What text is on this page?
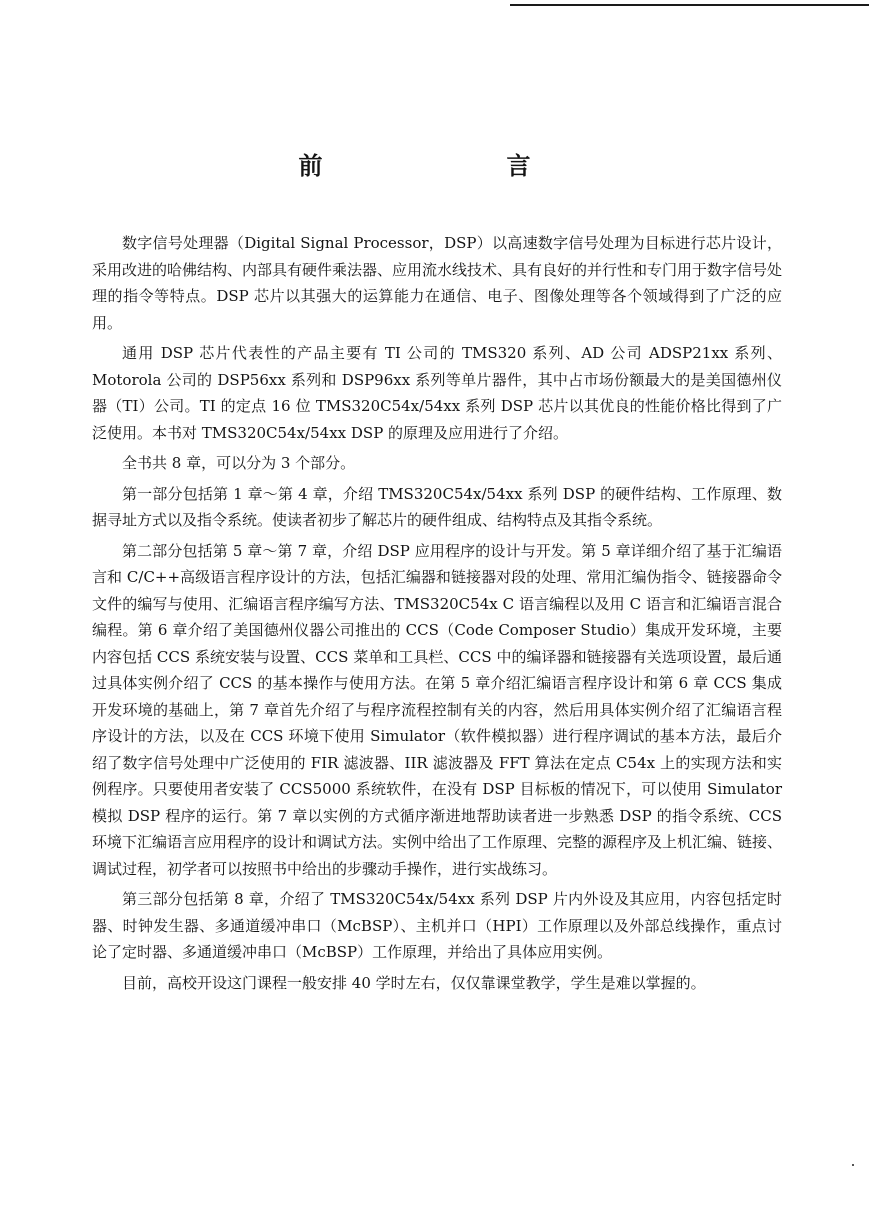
前　言

数字信号处理器（Digital Signal Processor，DSP）以高速数字信号处理为目标进行芯片设计，采用改进的哈佛结构、内部具有硬件乘法器、应用流水线技术、具有良好的并行性和专门用于数字信号处理的指令等特点。DSP 芯片以其强大的运算能力在通信、电子、图像处理等各个领域得到了广泛的应用。

通用 DSP 芯片代表性的产品主要有 TI 公司的 TMS320 系列、AD 公司 ADSP21xx 系列、Motorola 公司的 DSP56xx 系列和 DSP96xx 系列等单片器件，其中占市场份额最大的是美国德州仪器（TI）公司。TI 的定点 16 位 TMS320C54x/54xx 系列 DSP 芯片以其优良的性能价格比得到了广泛使用。本书对 TMS320C54x/54xx DSP 的原理及应用进行了介绍。

全书共 8 章，可以分为 3 个部分。

第一部分包括第 1 章～第 4 章，介绍 TMS320C54x/54xx 系列 DSP 的硬件结构、工作原理、数据寻址方式以及指令系统。使读者初步了解芯片的硬件组成、结构特点及其指令系统。

第二部分包括第 5 章～第 7 章，介绍 DSP 应用程序的设计与开发。第 5 章详细介绍了基于汇编语言和 C/C++高级语言程序设计的方法，包括汇编器和链接器对段的处理、常用汇编伪指令、链接器命令文件的编写与使用、汇编语言程序编写方法、TMS320C54x C 语言编程以及用 C 语言和汇编语言混合编程。第 6 章介绍了美国德州仪器公司推出的 CCS（Code Composer Studio）集成开发环境，主要内容包括 CCS 系统安装与设置、CCS 菜单和工具栏、CCS 中的编译器和链接器有关选项设置，最后通过具体实例介绍了 CCS 的基本操作与使用方法。在第 5 章介绍汇编语言程序设计和第 6 章 CCS 集成开发环境的基础上，第 7 章首先介绍了与程序流程控制有关的内容，然后用具体实例介绍了汇编语言程序设计的方法，以及在 CCS 环境下使用 Simulator（软件模拟器）进行程序调试的基本方法，最后介绍了数字信号处理中广泛使用的 FIR 滤波器、IIR 滤波器及 FFT 算法在定点 C54x 上的实现方法和实例程序。只要使用者安装了 CCS5000 系统软件，在没有 DSP 目标板的情况下，可以使用 Simulator 模拟 DSP 程序的运行。第 7 章以实例的方式循序渐进地帮助读者进一步熟悉 DSP 的指令系统、CCS 环境下汇编语言应用程序的设计和调试方法。实例中给出了工作原理、完整的源程序及上机汇编、链接、调试过程，初学者可以按照书中给出的步骤动手操作，进行实战练习。

第三部分包括第 8 章，介绍了 TMS320C54x/54xx 系列 DSP 片内外设及其应用，内容包括定时器、时钟发生器、多通道缓冲串口（McBSP）、主机并口（HPI）工作原理以及外部总线操作，重点讨论了定时器、多通道缓冲串口（McBSP）工作原理，并给出了具体应用实例。

目前，高校开设这门课程一般安排 40 学时左右，仅仅靠课堂教学，学生是难以掌握的。
